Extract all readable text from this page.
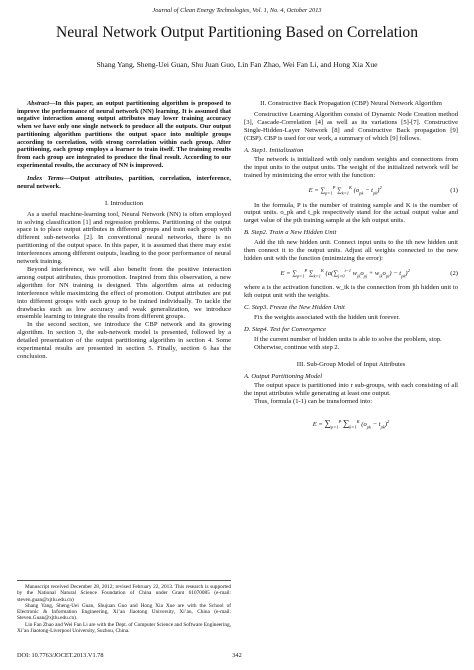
Journal of Clean Energy Technologies, Vol. 1, No. 4, October 2013
Neural Network Output Partitioning Based on Correlation
Shang Yang, Sheng-Uei Guan, Shu Juan Guo, Lin Fan Zhao, Wei Fan Li, and Hong Xia Xue

Abstract—In this paper, an output partitioning algorithm is proposed to improve the performance of neural network (NN) learning. It is assumed that negative interaction among output attributes may lower training accuracy when we have only one single network to produce all the outputs. Our output partitioning algorithm partitions the output space into multiple groups according to correlation, with strong correlation within each group. After partitioning, each group employs a learner to train itself. The training results from each group are integrated to produce the final result. According to our experimental results, the accuracy of NN is improved.

Index Terms—Output attributes, partition, correlation, interference, neural network.

I. Introduction

As a useful machine-learning tool, Neural Network (NN) is often employed in solving classification [1] and regression problems. Partitioning of the output space is to place output attributes in different groups and train each group with different sub-networks [2]. In conventional neural networks, there is no partitioning of the output space. In this paper, it is assumed that there may exist interferences among different outputs, leading to the poor performance of neural network training.

Beyond interference, we will also benefit from the positive interaction among output attributes, thus promotion. Inspired from this observation, a new algorithm for NN training is designed. This algorithm aims at reducing interference while maximizing the effect of promotion. Output attributes are put into different groups with each group to be trained individually. To tackle the drawbacks such as low accuracy and weak generalization, we introduce ensemble learning to integrate the results from different groups.

In the second section, we introduce the CBP network and its growing algorithm. In section 3, the sub-network model is presented, followed by a detailed presentation of the output partitioning algorithm in section 4. Some experimental results are presented in section 5. Finally, section 6 has the conclusion.

Manuscript received December 28, 2012; revised February 22, 2013. This research is supported by the National Natural Science Foundation of China under Grant 61070085 (e-mail: steven.guan@xjtlu.edu.cn)

Shang Yang, Sheng-Uei Guan, Shujuan Guo and Hong Xia Xue are with the School of Electronic & Information Engineering, Xi’an Jiaotong University, Xi’an, China (e-mail: Steven.Guan@xjtlu.edu.cn).

Lin Fan Zhao and Wei Fan Li are with the Dept. of Computer Science and Software Engineering, Xi’an Jiaotong-Liverpool University, Suzhou, China.

II. Constructive Back Propagation (CBP) Neural Network Algorithm

Constructive Learning Algorithm consist of Dynamic Node Creation method [3], Cascade-Correlation [4] as well as its variations [5]-[7]. Constructive Single-Hidden-Layer Network [8] and Constructive Back propagation [9] (CBP). CBP is used for our work, a summary of which [9] follows.

A. Step1. Initialization

The network is initialized with only random weights and connections from the input units to the output units. The weight of the initialized network will be trained by minimizing the error with the function:

$E = \sum_{p=1}^P$ $\sum_{k=1}^K$ $(o_{pk} - t_{pk})^2$	(1)

In the formula, P is the number of training sample and K is the number of output units. o_pk and t_pk respectively stand for the actual output value and target value of the pth training sample at the kth output units.

B. Step2. Train a New Hidden Unit

Add the ith new hidden unit. Connect input units to the ith new hidden unit then connect it to the output units. Adjust all weights connected to the new hidden unit with the function (minimizing the error):

$E = \sum_{p=1}^P$ $\sum_{k=1}^K$ ($a(\sum_{j=0}^{i-1}$ $w_{jk}o_{pj} + w_{ik}o_{pi}) - t_{pk})^2$	(2)

where a is the activation function. w_ik is the connection from jth hidden unit to kth output unit with the weights.

C. Step3. Freeze the New Hidden Unit

Fix the weights associated with the hidden unit forever.

D. Step4. Test for Convergence

If the current number of hidden units is able to solve the problem, stop.

Otherwise, continue with step 2.

III. Sub-Group Model of Input Attributes
A. Output Partitioning Model

The output space is partitioned into r sub-groups, with each consisting of all the input attributes while generating at least one output.

Thus, formula (1-1) can be transformed into:

$E = \sum_{p=1}^P$ $\sum_{k=1}^K$ $(o_{pk} - t_{pk})^2$
DOI: 10.7763/JOCET.2013.V1.78	342
